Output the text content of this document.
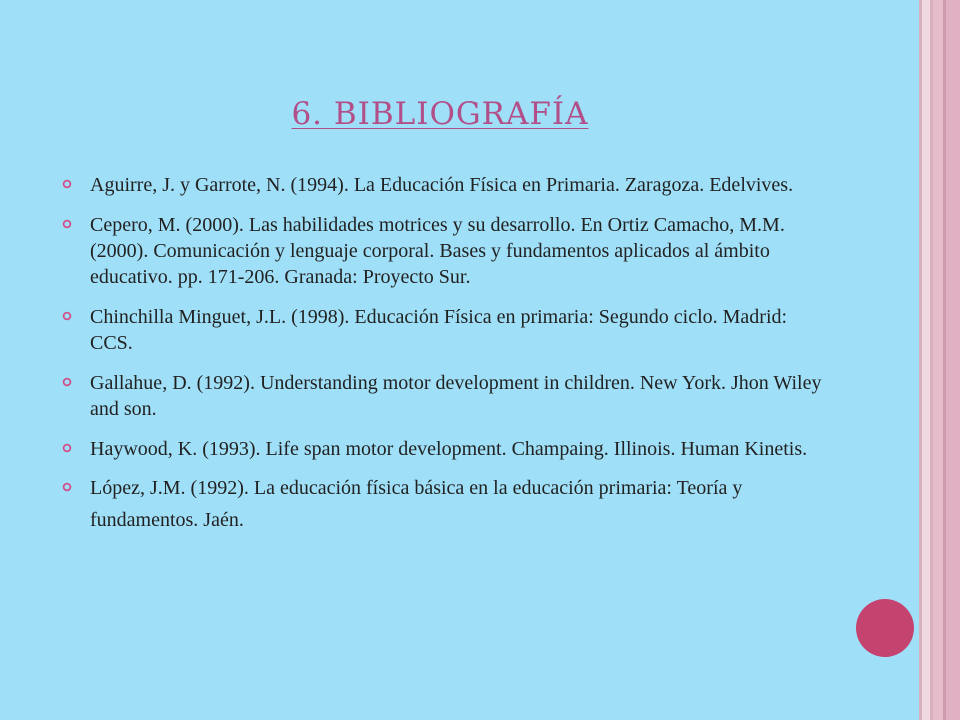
6. BIBLIOGRAFÍA
Aguirre, J. y Garrote, N. (1994). La Educación Física en Primaria. Zaragoza. Edelvives.
Cepero, M. (2000). Las habilidades motrices y su desarrollo. En Ortiz Camacho, M.M. (2000). Comunicación y lenguaje corporal. Bases y fundamentos aplicados al ámbito educativo. pp. 171-206. Granada: Proyecto Sur.
Chinchilla Minguet, J.L. (1998). Educación Física en primaria: Segundo ciclo. Madrid: CCS.
Gallahue, D. (1992). Understanding motor development in children. New York. Jhon Wiley and son.
Haywood, K. (1993). Life span motor development. Champaing. Illinois. Human Kinetis.
López, J.M. (1992). La educación física básica en la educación primaria: Teoría y fundamentos. Jaén.
